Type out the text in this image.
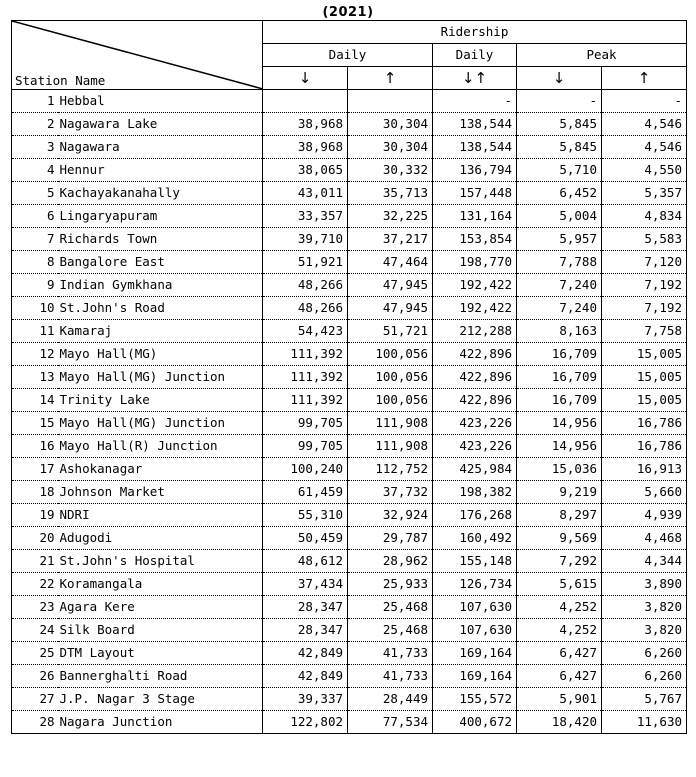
(2021)
Station Name		Ridership				
		Daily		Daily	Peak	
		↓	↑	↓↑	↓	↑
1	Hebbal			-	-	-
2	Nagawara Lake	38,968	30,304	138,544	5,845	4,546
3	Nagawara	38,968	30,304	138,544	5,845	4,546
4	Hennur	38,065	30,332	136,794	5,710	4,550
5	Kachayakanahally	43,011	35,713	157,448	6,452	5,357
6	Lingaryapuram	33,357	32,225	131,164	5,004	4,834
7	Richards Town	39,710	37,217	153,854	5,957	5,583
8	Bangalore East	51,921	47,464	198,770	7,788	7,120
9	Indian Gymkhana	48,266	47,945	192,422	7,240	7,192
10	St.John's Road	48,266	47,945	192,422	7,240	7,192
11	Kamaraj	54,423	51,721	212,288	8,163	7,758
12	Mayo Hall(MG)	111,392	100,056	422,896	16,709	15,005
13	Mayo Hall(MG) Junction	111,392	100,056	422,896	16,709	15,005
14	Trinity Lake	111,392	100,056	422,896	16,709	15,005
15	Mayo Hall(MG) Junction	99,705	111,908	423,226	14,956	16,786
16	Mayo Hall(R) Junction	99,705	111,908	423,226	14,956	16,786
17	Ashokanagar	100,240	112,752	425,984	15,036	16,913
18	Johnson Market	61,459	37,732	198,382	9,219	5,660
19	NDRI	55,310	32,924	176,268	8,297	4,939
20	Adugodi	50,459	29,787	160,492	9,569	4,468
21	St.John's Hospital	48,612	28,962	155,148	7,292	4,344
22	Koramangala	37,434	25,933	126,734	5,615	3,890
23	Agara Kere	28,347	25,468	107,630	4,252	3,820
24	Silk Board	28,347	25,468	107,630	4,252	3,820
25	DTM Layout	42,849	41,733	169,164	6,427	6,260
26	Bannerghalti Road	42,849	41,733	169,164	6,427	6,260
27	J.P. Nagar 3 Stage	39,337	28,449	155,572	5,901	5,767
28	Nagara Junction	122,802	77,534	400,672	18,420	11,630
